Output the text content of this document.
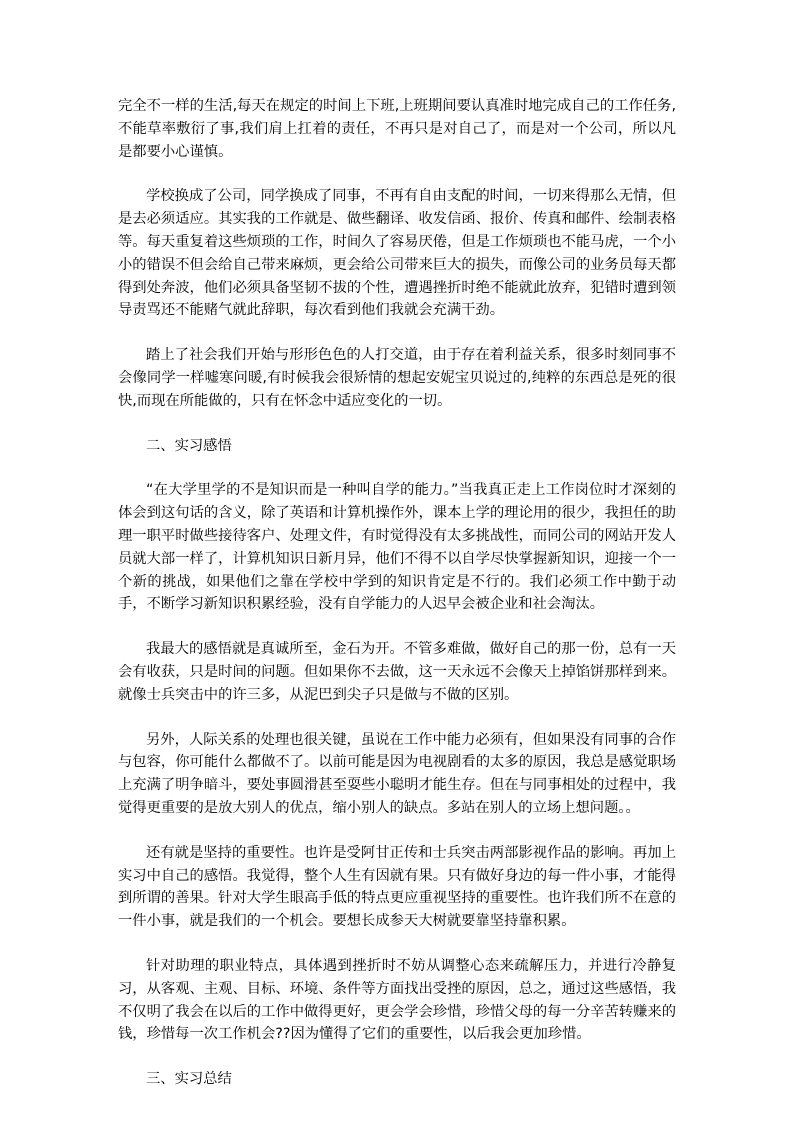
完全不一样的生活,每天在规定的时间上下班,上班期间要认真准时地完成自己的工作任务,不能草率敷衍了事,我们肩上扛着的责任，不再只是对自己了，而是对一个公司，所以凡是都要小心谨慎。

学校换成了公司，同学换成了同事，不再有自由支配的时间，一切来得那么无情，但是去必须适应。其实我的工作就是、做些翻译、收发信函、报价、传真和邮件、绘制表格等。每天重复着这些烦琐的工作，时间久了容易厌倦，但是工作烦琐也不能马虎，一个小小的错误不但会给自己带来麻烦，更会给公司带来巨大的损失，而像公司的业务员每天都得到处奔波，他们必须具备坚韧不拔的个性，遭遇挫折时绝不能就此放弃，犯错时遭到领导责骂还不能赌气就此辞职，每次看到他们我就会充满干劲。

踏上了社会我们开始与形形色色的人打交道，由于存在着利益关系，很多时刻同事不会像同学一样嘘寒问暖,有时候我会很矫情的想起安妮宝贝说过的,纯粹的东西总是死的很快,而现在所能做的，只有在怀念中适应变化的一切。

二、实习感悟

“在大学里学的不是知识而是一种叫自学的能力。”当我真正走上工作岗位时才深刻的体会到这句话的含义，除了英语和计算机操作外，课本上学的理论用的很少，我担任的助理一职平时做些接待客户、处理文件，有时觉得没有太多挑战性，而同公司的网站开发人员就大部一样了，计算机知识日新月异，他们不得不以自学尽快掌握新知识，迎接一个一个新的挑战，如果他们之靠在学校中学到的知识肯定是不行的。我们必须工作中勤于动手，不断学习新知识积累经验，没有自学能力的人迟早会被企业和社会淘汰。

我最大的感悟就是真诚所至，金石为开。不管多难做，做好自己的那一份，总有一天会有收获，只是时间的问题。但如果你不去做，这一天永远不会像天上掉馅饼那样到来。就像士兵突击中的许三多，从泥巴到尖子只是做与不做的区别。

另外，人际关系的处理也很关键，虽说在工作中能力必须有，但如果没有同事的合作与包容，你可能什么都做不了。以前可能是因为电视剧看的太多的原因，我总是感觉职场上充满了明争暗斗，要处事圆滑甚至耍些小聪明才能生存。但在与同事相处的过程中，我觉得更重要的是放大别人的优点，缩小别人的缺点。多站在别人的立场上想问题。。

还有就是坚持的重要性。也许是受阿甘正传和士兵突击两部影视作品的影响。再加上实习中自己的感悟。我觉得，整个人生有因就有果。只有做好身边的每一件小事，才能得到所谓的善果。针对大学生眼高手低的特点更应重视坚持的重要性。也许我们所不在意的一件小事，就是我们的一个机会。要想长成参天大树就要靠坚持靠积累。

针对助理的职业特点，具体遇到挫折时不妨从调整心态来疏解压力，并进行冷静复习，从客观、主观、目标、环境、条件等方面找出受挫的原因，总之，通过这些感悟，我不仅明了我会在以后的工作中做得更好，更会学会珍惜，珍惜父母的每一分辛苦转赚来的钱，珍惜每一次工作机会??因为懂得了它们的重要性，以后我会更加珍惜。

三、实习总结
